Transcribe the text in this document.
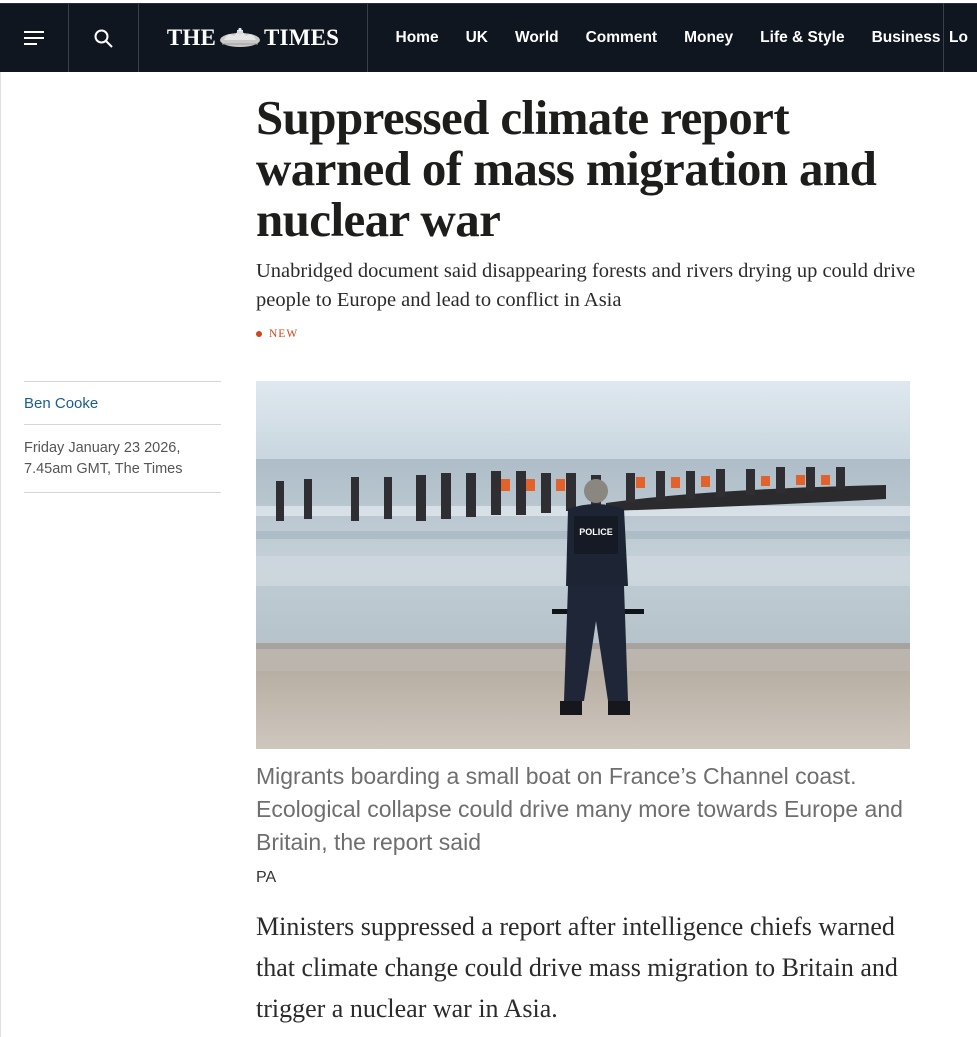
THE TIMES	Home	UK	World	Comment	Money	Life & Style	Business Lo
Suppressed climate report warned of mass migration and nuclear war

Unabridged document said disappearing forests and rivers drying up could drive people to Europe and lead to conflict in Asia

NEW
Ben Cooke
Friday January 23 2026,
7.45am GMT, The Times
POLICE

Migrants boarding a small boat on France’s Channel coast. Ecological collapse could drive many more towards Europe and Britain, the report said

PA

Ministers suppressed a report after intelligence chiefs warned that climate change could drive mass migration to Britain and trigger a nuclear war in Asia.
